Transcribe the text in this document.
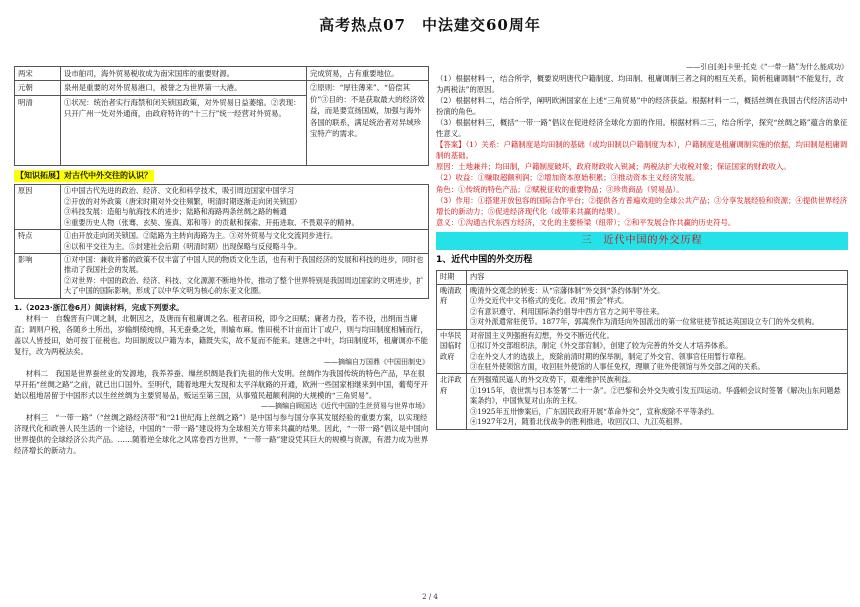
高考热点07　中法建交60周年
两宋	设市舶司，海外贸易税收成为南宋国库的重要财源。	完成贸易，占有重要地位。
元朝	泉州是重要的对外贸易港口，被誉之为世界第一大港。	②原则：“厚往薄来”、“倍偿其价”③目的：不是获取最大的经济效益，而是要宣扬国威，加强与海外各国的联系，满足统治者对异域珍宝特产的需求。
明清	①状况：统治者实行海禁和闭关锁国政策，对外贸易日益萎缩。②表现：只开广州一处对外通商，由政府特许的“十三行”统一经营对外贸易。	
【知识拓展】对古代中外交往的认识？
原因	①中国古代先进的政治、经济、文化和科学技术，吸引周边国家中国学习

②开放的对外政策（唐宋时期对外交往频繁，明清时期逐渐走向闭关锁国）

③科技发展：造船与航海技术的进步；陆路和海路两条丝绸之路的畅通

④重要历史人物（张骞、玄奘、鉴真、郑和等）的贡献和探索、开拓进取、不畏艰辛的精神。

特点	①由开放走向闭关锁国。②陆路为主转向海路为主。③对外贸易与文化交流同步进行。

④以和平交往为主。⑤封建社会后期（明清时期）出现保略与反侵略斗争。

影响	①对中国：兼收并蓄的政策不仅丰富了中国人民的物质文化生活，也有利于我国经济的发展和科技的进步，同时也推动了我国社会的发展。

②对世界：中国的政治、经济、科技、文化源源不断地外传，推动了整个世界特别是我国周边国家的文明进步，扩大了中国的国际影响，形成了以中华文明为核心的东亚文化圈。

1.（2023·浙江卷6月）阅读材料，完成下列要求。

材料一　自魏晋有户调之制，北朝因之，及唐而有租庸调之名。租者田税，即今之田赋；庸者力役，若不役，出绢而当庸直；调则户税，各随乡土所出，岁输绢绫纯绵，其无蚕桑之处，则输布麻。惟田税不计亩而计丁或户，则与均田制度相辅而行，盖以人皆授田，始可按丁征税也。均田制废以户籍为本，籍既失实，故不复而不能来。建唐之中叶，均田制度坏，租庸调亦不能复行，改为两税法矣。

——摘编自万国鼎《中国田制史》

材料二　我国是世界蚕丝业的发源地，我养养蚕、缫丝织绸是我们先祖的伟大发明。丝绸作为我国传统的特色产品，早在很早开拓“丝绸之路”之前，就已出口国外。至明代，随着地理大发现和太平洋航路的开通，欧洲一些国家相继来到中国，葡萄牙开始以租地居留于中国形式以生丝丝绸为主要贸易品，贩运至第三国，从事殖民超额利润的大规模的“三角贸易”。

——摘编自顾国达《近代中国的生丝贸易与世界市场》

材料三　“一带一路”（“丝绸之路经济带”和“21世纪海上丝绸之路”）是中国与参与国分享其发展经验的重要方案，以实现经济现代化和政善人民生活的一个途径，中国的“一带一路”建设将为全球相关方带来共赢的结果。因此，“一带一路”倡议是中国向世界提供的全球经济公共产品。……随着逆全球化之风席卷西方世界，“一带一路”建设凭其巨大的规模与资源，有潜力成为世界经济增长的新动力。

——引自[美]卡里·托克《“一带一路”为什么能成功》

（1）根据材料一，结合所学，概要说明唐代户籍制度、均田制、租庸调制三者之间的相互关系，简析租庸调制“不能复行，改为两税法”的原因。

（2）根据材料二，结合所学，阐明欧洲国家在上述“三角贸易”中的经济获益。根据材料一二，概括丝绸在我国古代经济活动中扮演的角色。

（3）根据材料三，概括“一带一路”倡议在促进经济全球化方面的作用。根据材料二三，结合所学，探究“丝绸之路”蕴含的象征性意义。

【答案】（1）关系：户籍制度是均田制的基础（或均田制以户籍制度为本），户籍制度是租庸调制实施的依据，均田制是租庸调制的基础。

原因：土地兼并；均田制，户籍制度破坏，政府财政收入锐减；两税法扩大收税对象；保证国家的财政收入。

（2）收益：①赚取超额利润；②增加资本原始积累；③推动资本主义经济发展。

角色：①传统的特色产品；②赋税征收的重要物品；③珍贵商品（贸易品）。

（3）作用：①搭建开放包容的国际合作平台；②提供各方普遍欢迎的全球公共产品；③分享发展经验和资源；④提供世界经济增长的新动力；⑤促进经济现代化（或带来共赢的结果）。

意义：①沟通古代东西方经济，文化的主要桥梁（纽带）；②和平发展合作共赢的历史符号。

三　近代中国的外交历程
1、近代中国的外交历程
时期	内容
晚清政府	晚清外交观念的转变：从“宗藩体制”外交到“条约体制”外交。

①外交近代中文书格式的变化。改用“照会”样式。

②有意识遵守、利用国际条约倡导中西方官方之间平等往来。

③对外派遣常驻使节。1877年，郭嵩焘作为清廷向外国派出的第一位常驻使节抵达英国设立专门的外交机构。

中华民国临时政府	对帝国主义列强抱有幻想，外交不断近代化。

①拟订外交部组织法，制定《外交部官制》，创建了较为完善的外交人才培养体系。

②在外交人才的选拔上，废除前清时期的保举制，制定了外交官、领事官任用暂行章程。

③在驻外使领馆方面，收回驻外使馆的人事任免权，理顺了驻外使领馆与外交部之间的关系。

北洋政府	在列强殖民逼人的外交攻势下，艰难维护民族利益。

①1915年，袁世凯与日本签署“二十一条”。②巴黎和会外交失败引发五四运动。华盛顿会议时签署《解决山东问题悬案条约》，中国恢复对山东的主权。

③1925年五卅惨案后，广东国民政府开展“革命外交”，宣称废除不平等条约。

④1927年2月，随着北伐战争的胜利推进，收回汉口、九江英租界。

2 / 4
